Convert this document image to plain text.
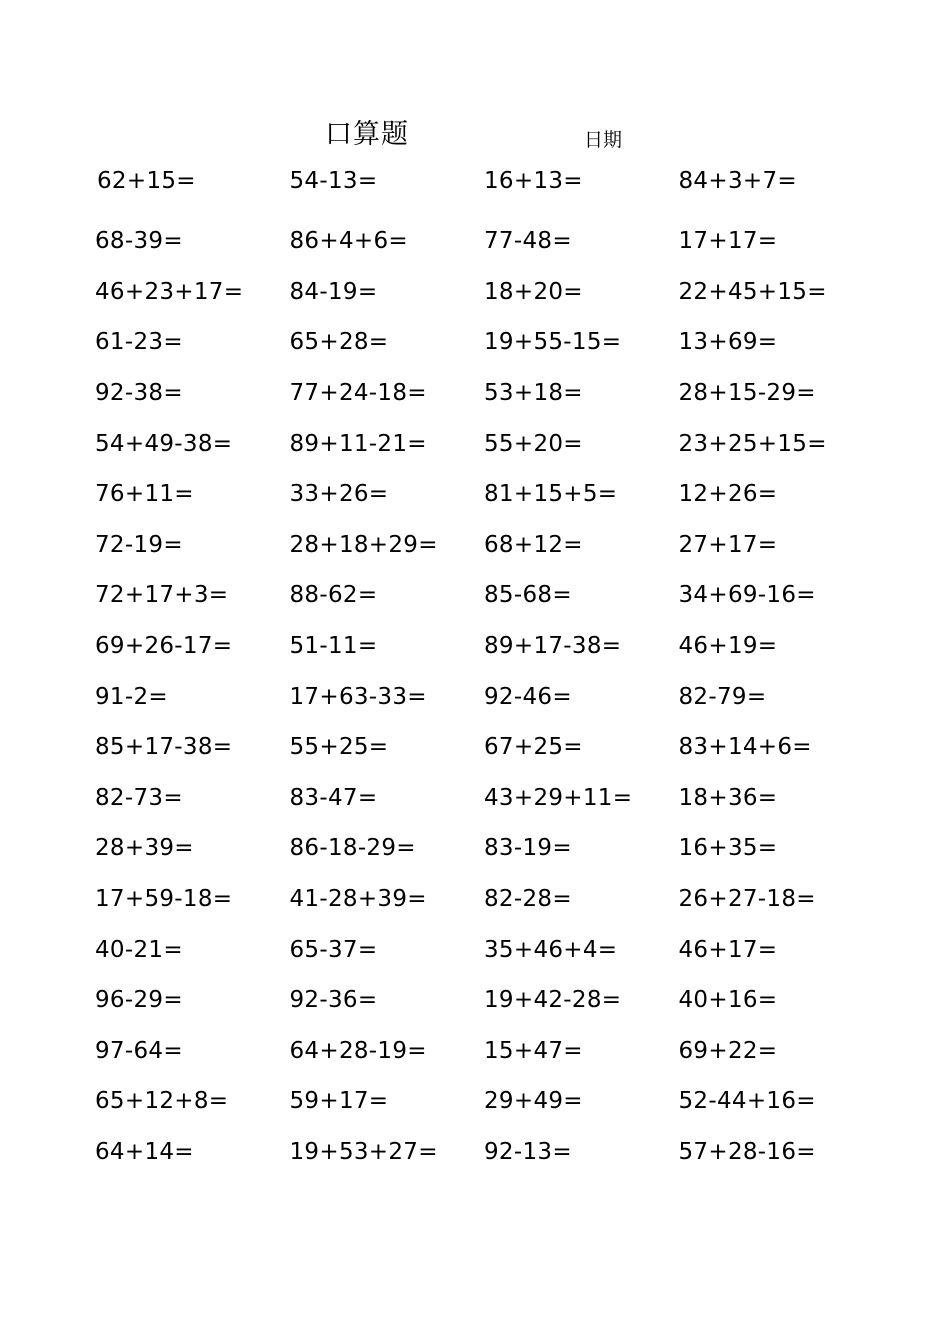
口算题	日期
62+15=	54-13=	16+13=	84+3+7=
68-39=	86+4+6=	77-48=	17+17=
46+23+17=	84-19=	18+20=	22+45+15=
61-23=	65+28=	19+55-15=	13+69=
92-38=	77+24-18=	53+18=	28+15-29=
54+49-38=	89+11-21=	55+20=	23+25+15=
76+11=	33+26=	81+15+5=	12+26=
72-19=	28+18+29=	68+12=	27+17=
72+17+3=	88-62=	85-68=	34+69-16=
69+26-17=	51-11=	89+17-38=	46+19=
91-2=	17+63-33=	92-46=	82-79=
85+17-38=	55+25=	67+25=	83+14+6=
82-73=	83-47=	43+29+11=	18+36=
28+39=	86-18-29=	83-19=	16+35=
17+59-18=	41-28+39=	82-28=	26+27-18=
40-21=	65-37=	35+46+4=	46+17=
96-29=	92-36=	19+42-28=	40+16=
97-64=	64+28-19=	15+47=	69+22=
65+12+8=	59+17=	29+49=	52-44+16=
64+14=	19+53+27=	92-13=	57+28-16=
